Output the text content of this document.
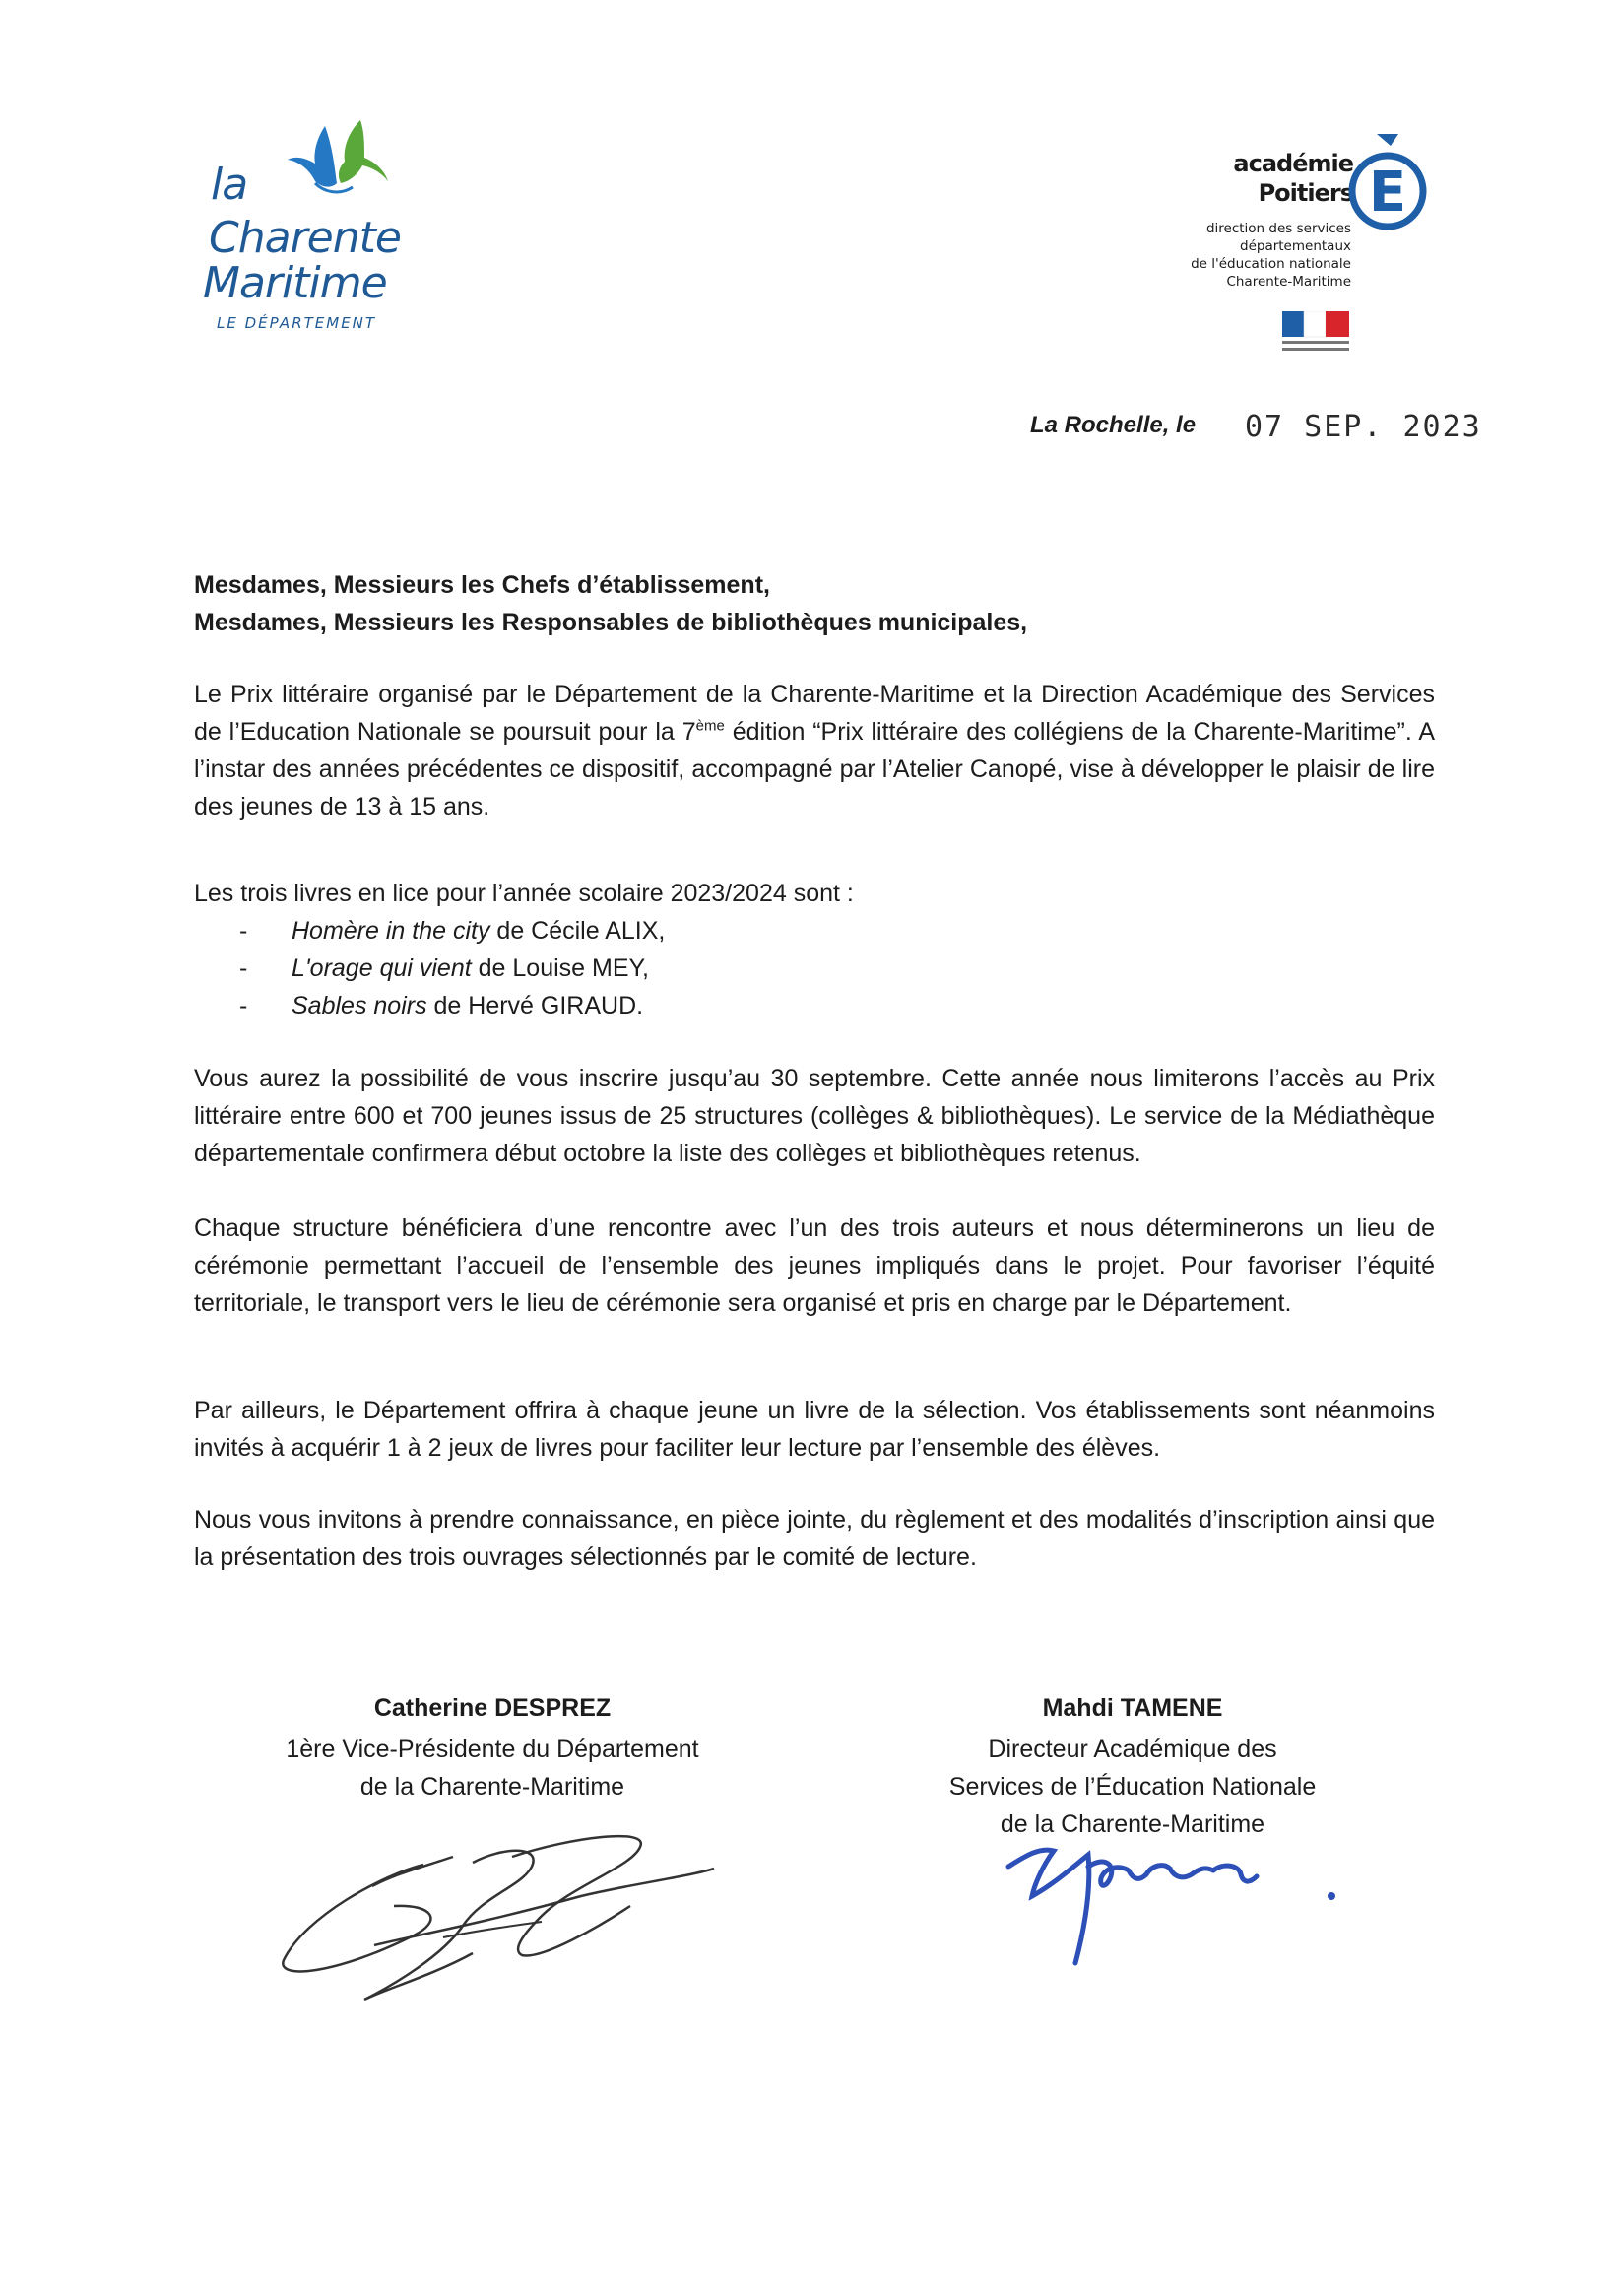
la
Charente
Maritime
LE DÉPARTEMENT
académie
Poitiers E
direction des services
départementaux
de l'éducation nationale
Charente-Maritime
La Rochelle, le 07 SEP. 2023
Mesdames, Messieurs les Chefs d’établissement,
Mesdames, Messieurs les Responsables de bibliothèques municipales,
Le Prix littéraire organisé par le Département de la Charente-Maritime et la Direction Académique des Services de l’Education Nationale se poursuit pour la 7ème édition “Prix littéraire des collégiens de la Charente-Maritime”. A l’instar des années précédentes ce dispositif, accompagné par l’Atelier Canopé, vise à développer le plaisir de lire des jeunes de 13 à 15 ans.
Les trois livres en lice pour l’année scolaire 2023/2024 sont :
- Homère in the city de Cécile ALIX,
- L'orage qui vient de Louise MEY,
- Sables noirs de Hervé GIRAUD.
Vous aurez la possibilité de vous inscrire jusqu’au 30 septembre. Cette année nous limiterons l’accès au Prix littéraire entre 600 et 700 jeunes issus de 25 structures (collèges & bibliothèques). Le service de la Médiathèque départementale confirmera début octobre la liste des collèges et bibliothèques retenus.
Chaque structure bénéficiera d’une rencontre avec l’un des trois auteurs et nous déterminerons un lieu de cérémonie permettant l’accueil de l’ensemble des jeunes impliqués dans le projet. Pour favoriser l’équité territoriale, le transport vers le lieu de cérémonie sera organisé et pris en charge par le Département.
Par ailleurs, le Département offrira à chaque jeune un livre de la sélection. Vos établissements sont néanmoins invités à acquérir 1 à 2 jeux de livres pour faciliter leur lecture par l’ensemble des élèves.
Nous vous invitons à prendre connaissance, en pièce jointe, du règlement et des modalités d’inscription ainsi que la présentation des trois ouvrages sélectionnés par le comité de lecture.
Catherine DESPREZ
1ère Vice-Présidente du Département
de la Charente-Maritime
Mahdi TAMENE
Directeur Académique des
Services de l’Éducation Nationale
de la Charente-Maritime
